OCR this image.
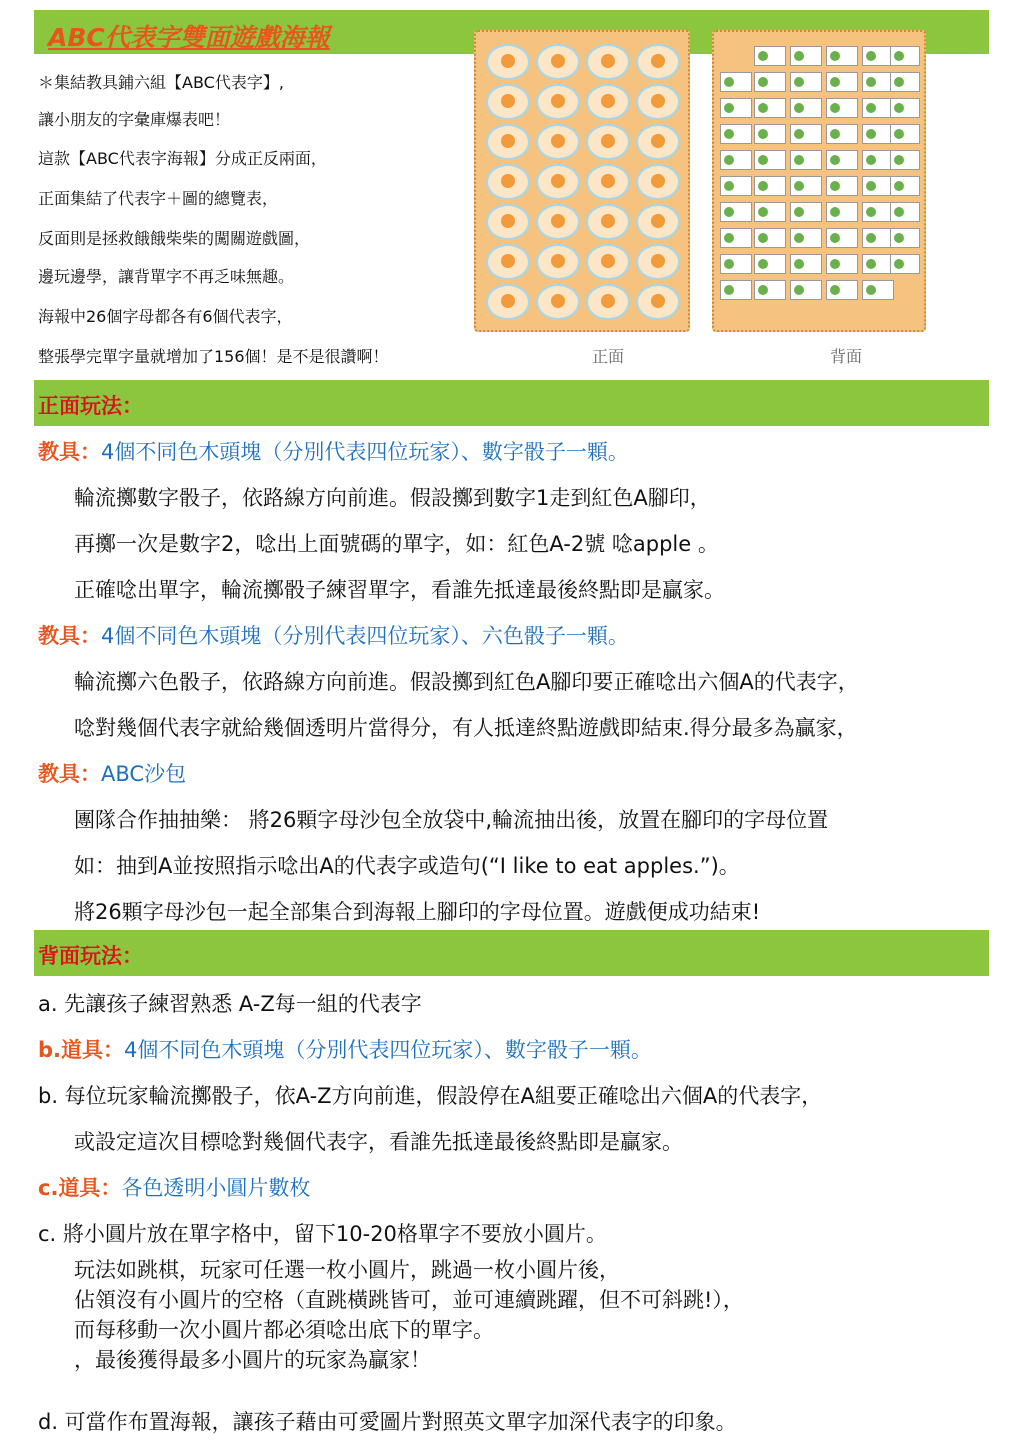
ABC代表字雙面遊戲海報
＊集結教具鋪六組【ABC代表字】,
讓小朋友的字彙庫爆表吧！
這款【ABC代表字海報】分成正反兩面，
正面集結了代表字＋圖的總覽表，
反面則是拯救餓餓柴柴的闖關遊戲圖，
邊玩邊學，讓背單字不再乏味無趣。
海報中26個字母都各有6個代表字，
整張學完單字量就增加了156個！是不是很讚啊！	正面	背面
正面玩法：
教具：4個不同色木頭塊（分別代表四位玩家）、數字骰子一顆。
輪流擲數字骰子，依路線方向前進。假設擲到數字1走到紅色A腳印，
再擲一次是數字2，唸出上面號碼的單字，如：紅色A-2號 唸apple 。
正確唸出單字，輪流擲骰子練習單字，看誰先抵達最後終點即是贏家。
教具：4個不同色木頭塊（分別代表四位玩家）、六色骰子一顆。
輪流擲六色骰子，依路線方向前進。假設擲到紅色A腳印要正確唸出六個A的代表字，
唸對幾個代表字就給幾個透明片當得分，有人抵達終點遊戲即結束.得分最多為贏家，
教具：ABC沙包
團隊合作抽抽樂： 將26顆字母沙包全放袋中,輪流抽出後，放置在腳印的字母位置
如：抽到A並按照指示唸出A的代表字或造句(“I like to eat apples.”)。
將26顆字母沙包一起全部集合到海報上腳印的字母位置。遊戲便成功結束!
背面玩法：
a. 先讓孩子練習熟悉 A-Z每一組的代表字
b.道具：4個不同色木頭塊（分別代表四位玩家）、數字骰子一顆。
b. 每位玩家輪流擲骰子，依A-Z方向前進，假設停在A組要正確唸出六個A的代表字，
或設定這次目標唸對幾個代表字，看誰先抵達最後終點即是贏家。
c.道具：各色透明小圓片數枚
c. 將小圓片放在單字格中，留下10-20格單字不要放小圓片。
玩法如跳棋，玩家可任選一枚小圓片，跳過一枚小圓片後，
佔領沒有小圓片的空格（直跳橫跳皆可，並可連續跳躍，但不可斜跳!），
而每移動一次小圓片都必須唸出底下的單字。
，最後獲得最多小圓片的玩家為贏家！
d. 可當作布置海報，讓孩子藉由可愛圖片對照英文單字加深代表字的印象。
